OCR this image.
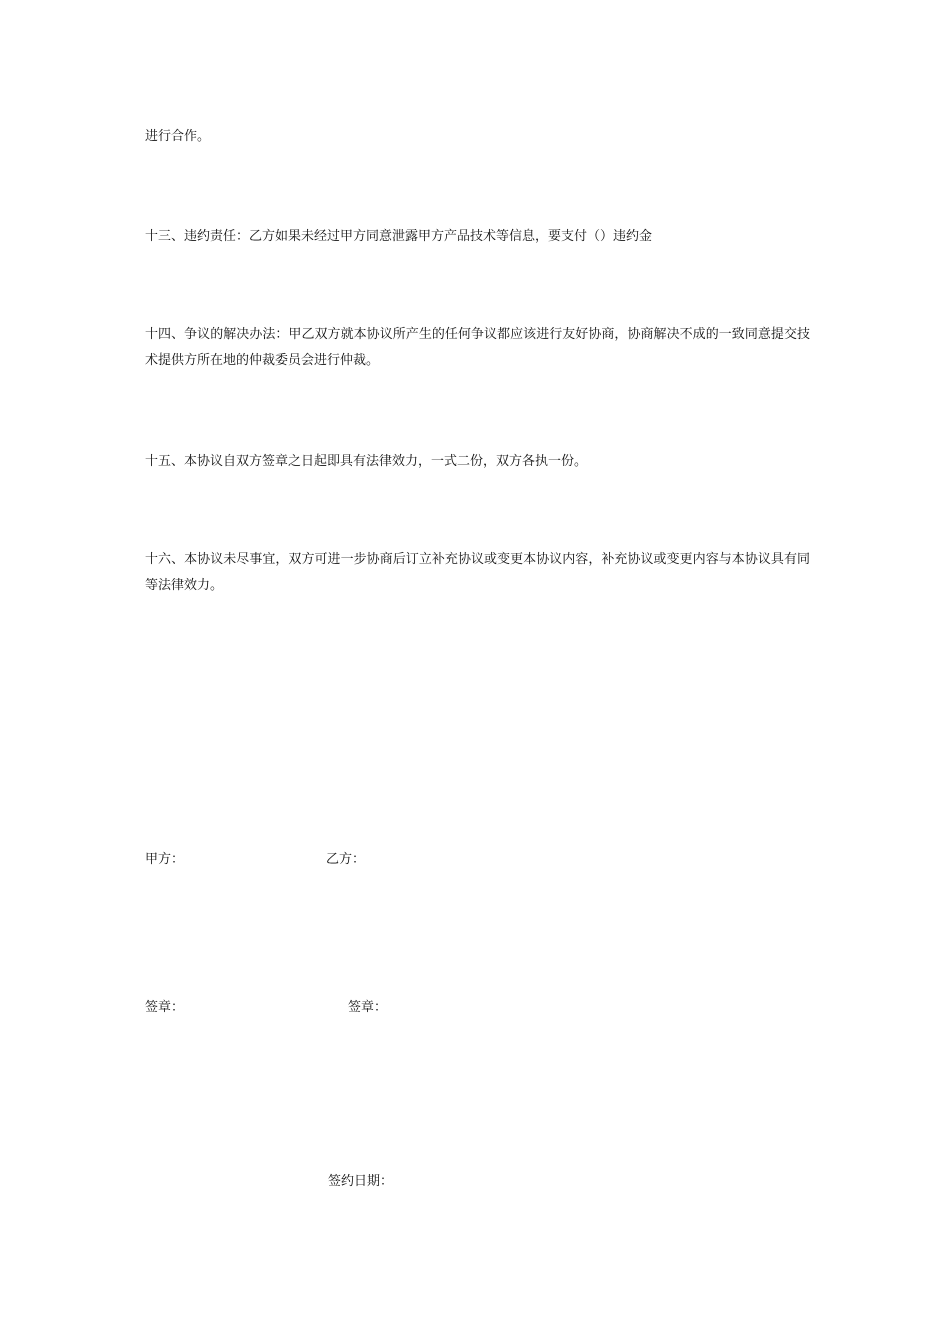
进行合作。
十三、违约责任：乙方如果未经过甲方同意泄露甲方产品技术等信息，要支付（）违约金
十四、争议的解决办法：甲乙双方就本协议所产生的任何争议都应该进行友好协商，协商解决不成的一致同意提交技术提供方所在地的仲裁委员会进行仲裁。
十五、本协议自双方签章之日起即具有法律效力，一式二份，双方各执一份。
十六、本协议未尽事宜，双方可进一步协商后订立补充协议或变更本协议内容，补充协议或变更内容与本协议具有同等法律效力。
甲方：	乙方：
签章：	签章：
签约日期：
